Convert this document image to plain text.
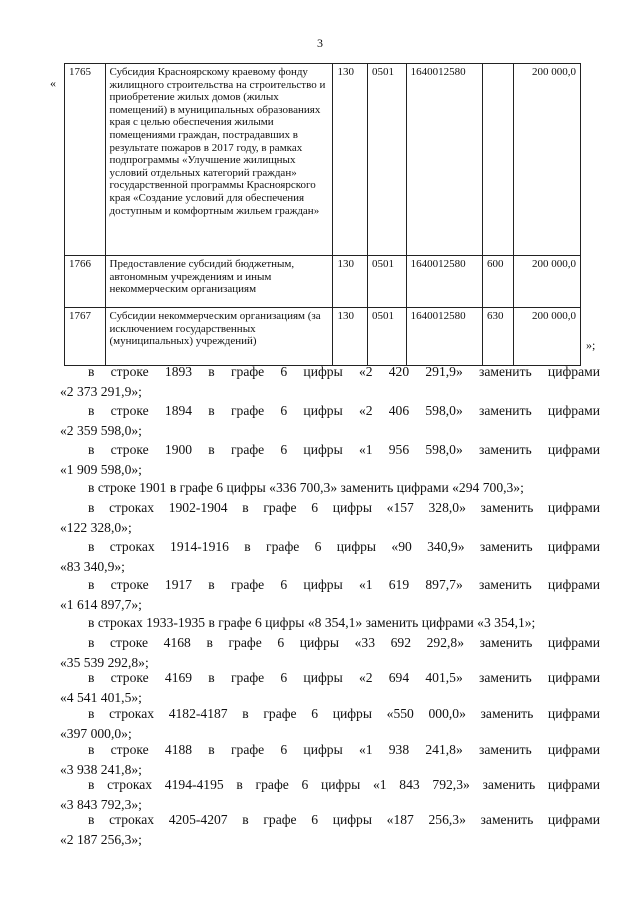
3
«
1765	Субсидия Красноярскому краевому фонду жилищного строительства на строительство и приобретение жилых домов (жилых помещений) в муниципальных образованиях края с целью обеспечения жилыми помещениями граждан, пострадавших в результате пожаров в 2017 году, в рамках подпрограммы «Улучшение жилищных условий отдельных категорий граждан» государственной программы Красноярского края «Создание условий для обеспечения доступным и комфортным жильем граждан»	130	0501	1640012580		200 000,0
1766	Предоставление субсидий бюджетным, автономным учреждениям и иным некоммерческим организациям	130	0501	1640012580	600	200 000,0
1767	Субсидии некоммерческим организациям (за исключением государственных (муниципальных) учреждений)	130	0501	1640012580	630	200 000,0
»;

в строке 1893 в графе 6 цифры «2 420 291,9» заменить цифрами

«2 373 291,9»;

в строке 1894 в графе 6 цифры «2 406 598,0» заменить цифрами

«2 359 598,0»;

в строке 1900 в графе 6 цифры «1 956 598,0» заменить цифрами

«1 909 598,0»;

в строке 1901 в графе 6 цифры «336 700,3» заменить цифрами «294 700,3»;

в строках 1902-1904 в графе 6 цифры «157 328,0» заменить цифрами

«122 328,0»;

в строках 1914-1916 в графе 6 цифры «90 340,9» заменить цифрами

«83 340,9»;

в строке 1917 в графе 6 цифры «1 619 897,7» заменить цифрами

«1 614 897,7»;

в строках 1933-1935 в графе 6 цифры «8 354,1» заменить цифрами «3 354,1»;

в строке 4168 в графе 6 цифры «33 692 292,8» заменить цифрами

«35 539 292,8»;

в строке 4169 в графе 6 цифры «2 694 401,5» заменить цифрами

«4 541 401,5»;

в строках 4182-4187 в графе 6 цифры «550 000,0» заменить цифрами

«397 000,0»;

в строке 4188 в графе 6 цифры «1 938 241,8» заменить цифрами

«3 938 241,8»;

в строках 4194-4195 в графе 6 цифры «1 843 792,3» заменить цифрами

«3 843 792,3»;

в строках 4205-4207 в графе 6 цифры «187 256,3» заменить цифрами

«2 187 256,3»;
